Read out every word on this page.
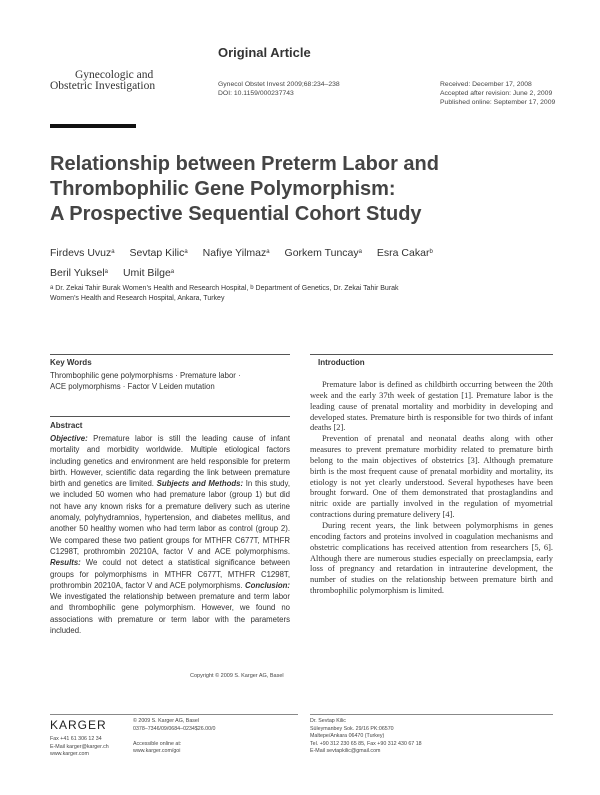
Original Article
Gynecologic and
Obstetric Investigation	Gynecol Obstet Invest 2009;68:234–238
DOI: 10.1159/000237743
Received: December 17, 2008
Accepted after revision: June 2, 2009
Published online: September 17, 2009
Relationship between Preterm Labor and
Thrombophilic Gene Polymorphism:
A Prospective Sequential Cohort Study
Firdevs Uvuz$^a$ Sevtap Kilic$^a$ Nafiye Yilmaz$^a$ Gorkem Tuncay$^a$ Esra Cakar$^b$
Beril Yuksel$^a$ Umit Bilge$^a$
$^a$ Dr. Zekai Tahir Burak Women’s Health and Research Hospital, $^b$ Department of Genetics, Dr. Zekai Tahir Burak
Women’s Health and Research Hospital, Ankara, Turkey
Key Words
Thrombophilic gene polymorphisms · Premature labor ·
ACE polymorphisms · Factor V Leiden mutation
Abstract
Objective: Premature labor is still the leading cause of infant mortality and morbidity worldwide. Multiple etiological factors including genetics and environment are held responsible for preterm birth. However, scientific data regarding the link between premature birth and genetics are limited. Subjects and Methods: In this study, we included 50 women who had premature labor (group 1) but did not have any known risks for a premature delivery such as uterine anomaly, polyhydramnios, hypertension, and diabetes mellitus, and another 50 healthy women who had term labor as control (group 2). We compared these two patient groups for MTHFR C677T, MTHFR C1298T, prothrombin 20210A, factor V and ACE polymorphisms. Results: We could not detect a statistical significance between groups for polymorphisms in MTHFR C677T, MTHFR C1298T, prothrombin 20210A, factor V and ACE polymorphisms. Conclusion: We investigated the relationship between premature and term labor and thrombophilic gene polymorphism. However, we found no associations with premature or term labor with the parameters included.
Copyright © 2009 S. Karger AG, Basel
Introduction

Premature labor is defined as childbirth occurring between the 20th week and the early 37th week of gestation [1]. Premature labor is the leading cause of prenatal mortality and morbidity in developing and developed states. Premature birth is responsible for two thirds of infant deaths [2].

Prevention of prenatal and neonatal deaths along with other measures to prevent premature morbidity related to premature birth belong to the main objectives of obstetrics [3]. Although premature birth is the most frequent cause of prenatal morbidity and mortality, its etiology is not yet clearly understood. Several hypotheses have been brought forward. One of them demonstrated that prostaglandins and nitric oxide are partially involved in the regulation of myometrial contractions during premature delivery [4].

During recent years, the link between polymorphisms in genes encoding factors and proteins involved in coagulation mechanisms and obstetric complications has received attention from researchers [5, 6]. Although there are numerous studies especially on preeclampsia, early loss of pregnancy and retardation in intrauterine development, the number of studies on the relationship between premature birth and thrombophilic polymorphism is limited.

KARGER
Fax +41 61 306 12 34
E-Mail karger@karger.ch
www.karger.com
© 2009 S. Karger AG, Basel
0378–7346/09/0684–0234$26.00/0
Accessible online at:
www.karger.com/goi
Dr. Sevtap Kilic
Süleymanbey Sok. 29/16 PK:06570
Maltepe/Ankara 06470 (Turkey)
Tel. +90 312 230 65 85, Fax +90 312 430 67 18
E-Mail sevtapkilic@gmail.com
